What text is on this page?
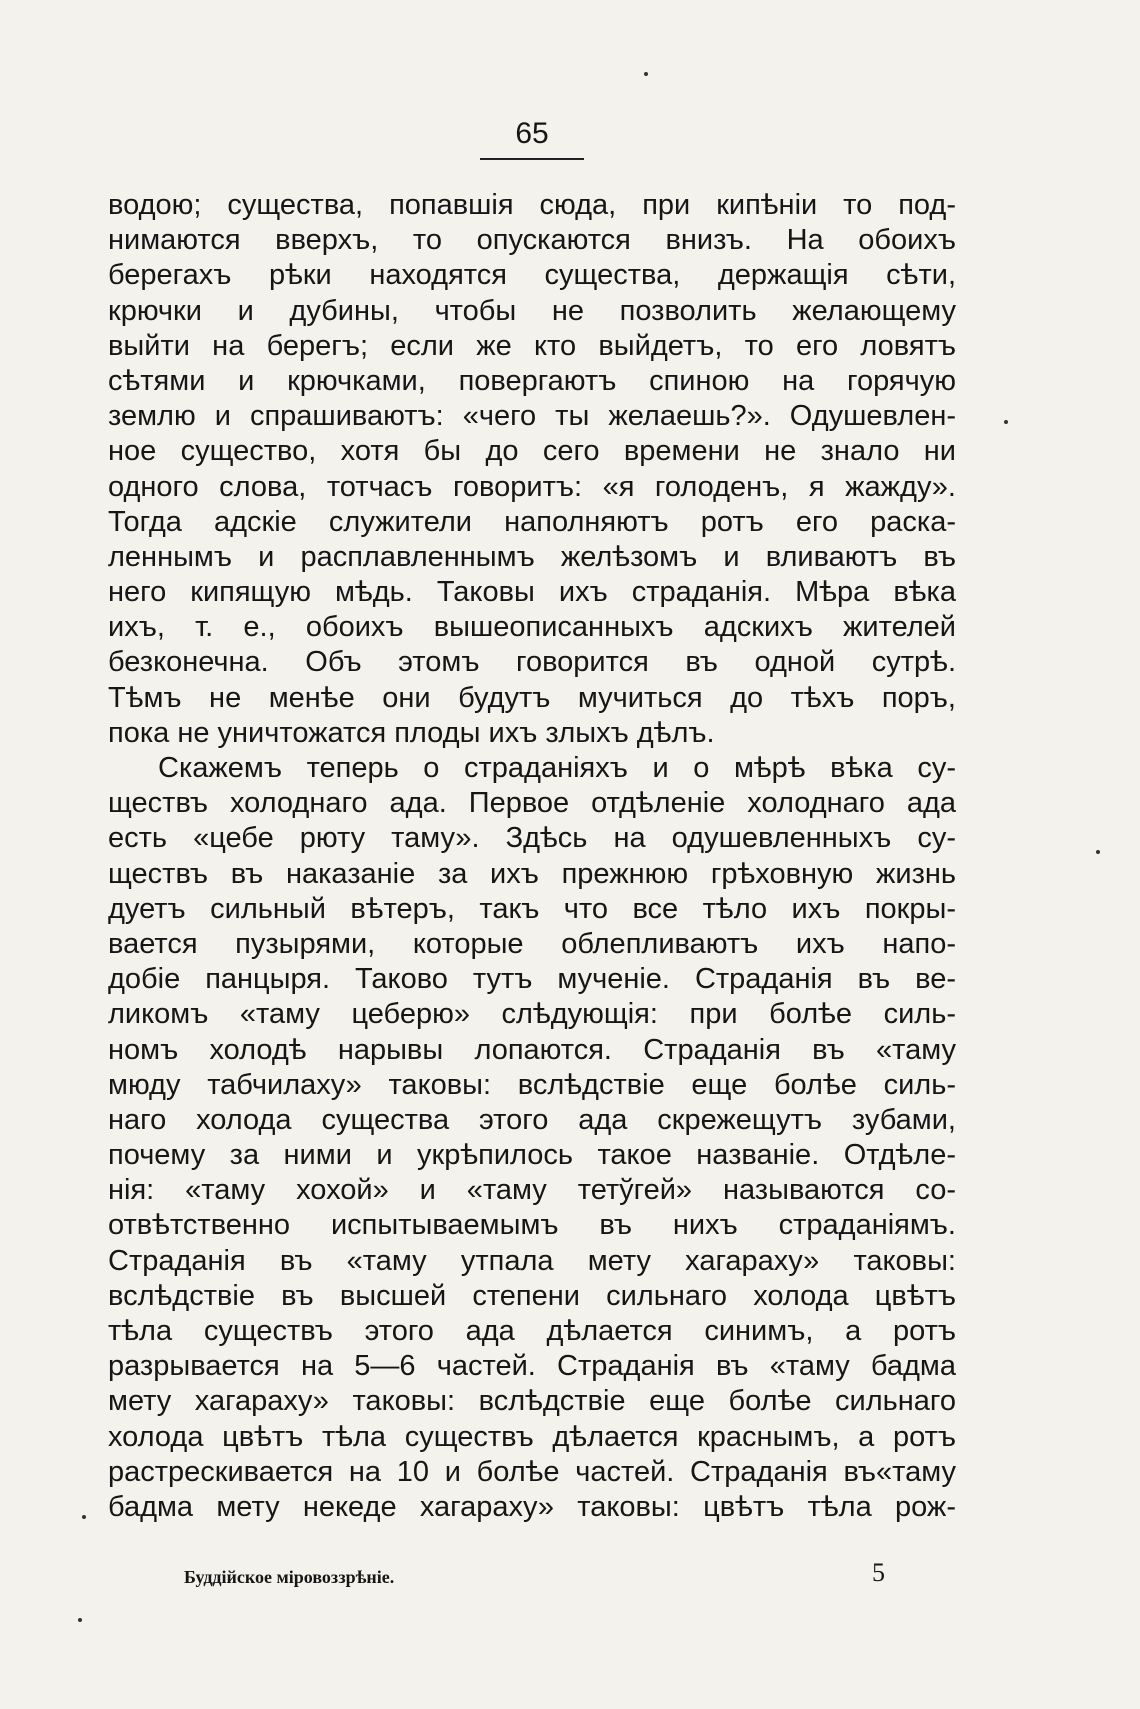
65
водою; существа, попавшiя сюда, при кипѣнiи то под-
нимаются вверхъ, то опускаются внизъ. На обоихъ
берегахъ рѣки находятся существа, держащiя сѣти,
крючки и дубины, чтобы не позволить желающему
выйти на берегъ; если же кто выйдетъ, то его ловятъ
сѣтями и крючками, повергаютъ спиною на горячую
землю и спрашиваютъ: «чего ты желаешь?». Одушевлен-
ное существо, хотя бы до сего времени не знало ни
одного слова, тотчасъ говоритъ: «я голоденъ, я жажду».
Тогда адскiе служители наполняютъ ротъ его раска-
леннымъ и расплавленнымъ желѣзомъ и вливаютъ въ
него кипящую мѣдь. Таковы ихъ страданiя. Мѣра вѣка
ихъ, т. е., обоихъ вышеописанныхъ адскихъ жителей
безконечна. Объ этомъ говорится въ одной сутрѣ.
Тѣмъ не менѣе они будутъ мучиться до тѣхъ поръ,
пока не уничтожатся плоды ихъ злыхъ дѣлъ.
Скажемъ теперь о страданiяхъ и о мѣрѣ вѣка су-
ществъ холоднаго ада. Первое отдѣленiе холоднаго ада
есть «цебе рюту таму». Здѣсь на одушевленныхъ су-
ществъ въ наказанiе за ихъ прежнюю грѣховную жизнь
дуетъ сильный вѣтеръ, такъ что все тѣло ихъ покры-
вается пузырями, которые облепливаютъ ихъ напо-
добiе панцыря. Таково тутъ мученiе. Страданiя въ ве-
ликомъ «таму цеберю» слѣдующiя: при болѣе силь-
номъ холодѣ нарывы лопаются. Страданiя въ «таму
мюду табчилаху» таковы: вслѣдствiе еще болѣе силь-
наго холода существа этого ада скрежещутъ зубами,
почему за ними и укрѣпилось такое названiе. Отдѣле-
нiя: «таму хохой» и «таму тетўгей» называются со-
отвѣтственно испытываемымъ въ нихъ страданiямъ.
Страданiя въ «таму утпала мету хагараху» таковы:
вслѣдствiе въ высшей степени сильнаго холода цвѣтъ
тѣла существъ этого ада дѣлается синимъ, а ротъ
разрывается на 5—6 частей. Страданiя въ «таму бадма
мету хагараху» таковы: вслѣдствiе еще болѣе сильнаго
холода цвѣтъ тѣла существъ дѣлается краснымъ, а ротъ
растрескивается на 10 и болѣе частей. Страданiя въ«таму
бадма мету некеде хагараху» таковы: цвѣтъ тѣла рож-
Буддiйское мiровоззрѣнiе.	5
